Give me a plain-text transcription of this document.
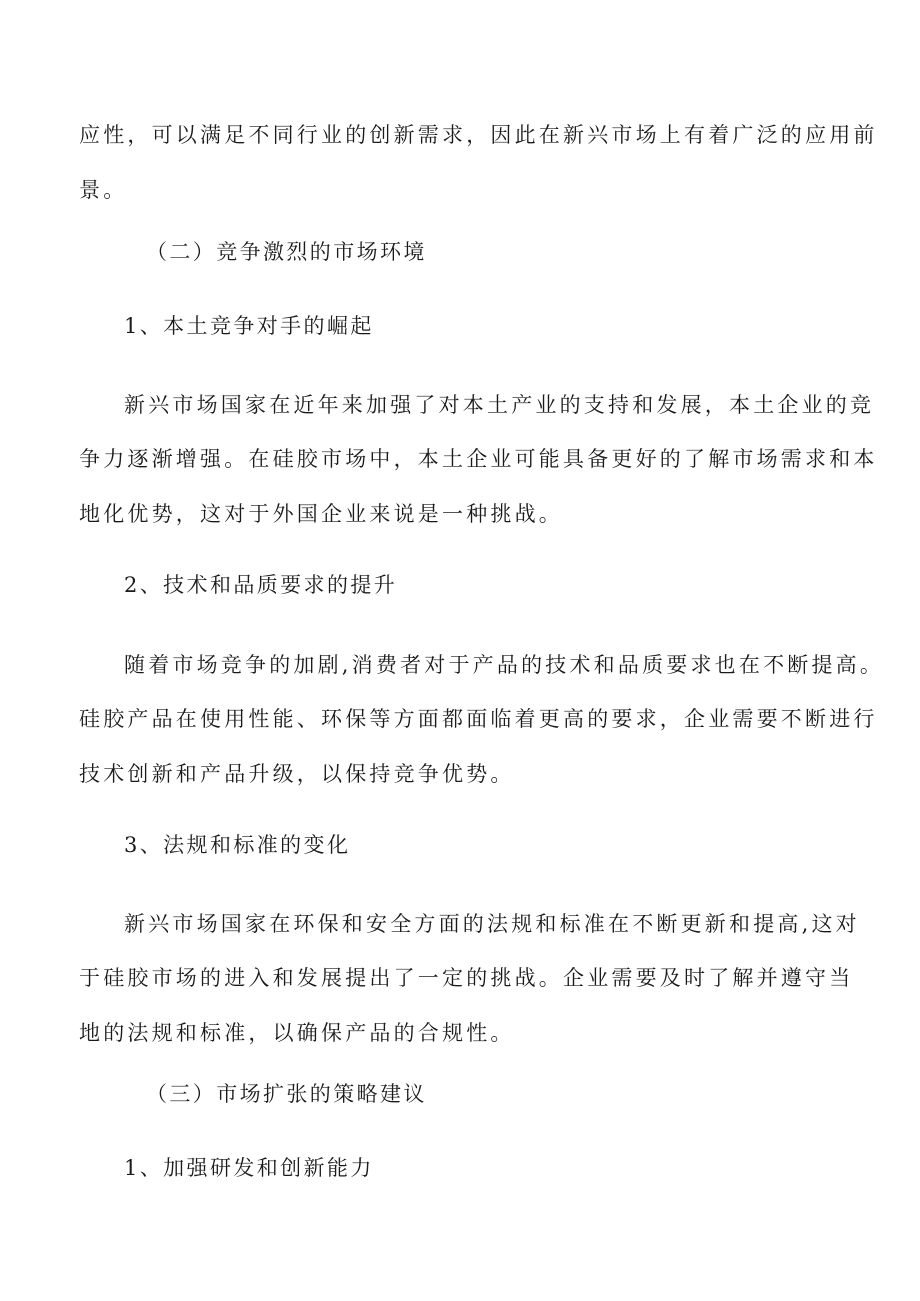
应性，可以满足不同行业的创新需求，因此在新兴市场上有着广泛的应用前
景。
（二）竞争激烈的市场环境
1、本土竞争对手的崛起
新兴市场国家在近年来加强了对本土产业的支持和发展，本土企业的竞
争力逐渐增强。在硅胶市场中，本土企业可能具备更好的了解市场需求和本
地化优势，这对于外国企业来说是一种挑战。
2、技术和品质要求的提升
随着市场竞争的加剧,消费者对于产品的技术和品质要求也在不断提高。
硅胶产品在使用性能、环保等方面都面临着更高的要求，企业需要不断进行
技术创新和产品升级，以保持竞争优势。
3、法规和标准的变化
新兴市场国家在环保和安全方面的法规和标准在不断更新和提高,这对
于硅胶市场的进入和发展提出了一定的挑战。企业需要及时了解并遵守当
地的法规和标准，以确保产品的合规性。
（三）市场扩张的策略建议
1、加强研发和创新能力
